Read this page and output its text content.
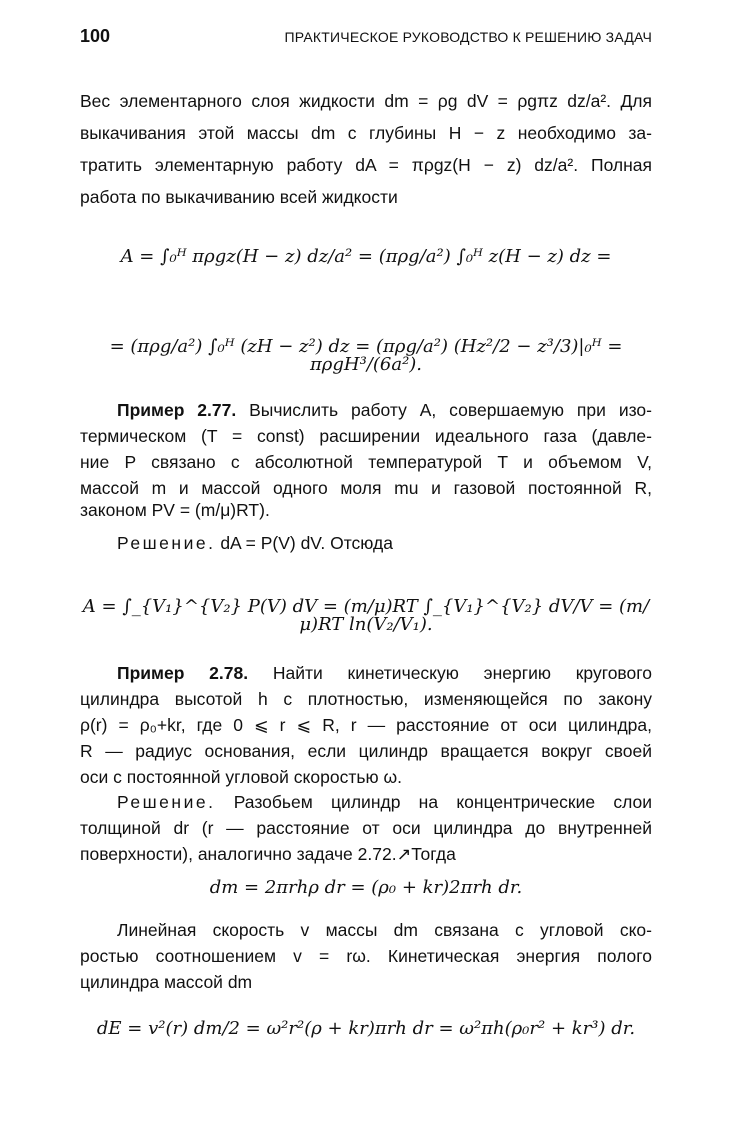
100	ПРАКТИЧЕСКОЕ РУКОВОДСТВО К РЕШЕНИЮ ЗАДАЧ
Вес элементарного слоя жидкости dm = ρg dV = ρgπz dz/a². Для
выкачивания этой массы dm с глубины H − z необходимо за-
тратить элементарную работу dA = πρgz(H − z) dz/a². Полная
работа по выкачиванию всей жидкости
A = ∫₀ᴴ πρgz(H − z) dz/a² = (πρg/a²) ∫₀ᴴ z(H − z) dz =
= (πρg/a²) ∫₀ᴴ (zH − z²) dz = (πρg/a²) (Hz²/2 − z³/3)|₀ᴴ = πρgH³/(6a²).
Пример 2.77. Вычислить работу A, совершаемую при изо-
термическом (T = const) расширении идеального газа (давле-
ние P связано с абсолютной температурой T и объемом V,
массой m и массой одного моля mu и газовой постоянной R,
законом PV = (m/μ)RT).
Решение. dA = P(V) dV. Отсюда
A = ∫_{V₁}^{V₂} P(V) dV = (m/μ)RT ∫_{V₁}^{V₂} dV/V = (m/μ)RT ln(V₂/V₁).
Пример 2.78. Найти кинетическую энергию кругового
цилиндра высотой h с плотностью, изменяющейся по закону
ρ(r) = ρ₀+kr, где 0 ⩽ r ⩽ R, r — расстояние от оси цилиндра,
R — радиус основания, если цилиндр вращается вокруг своей
оси с постоянной угловой скоростью ω.
Решение. Разобьем цилиндр на концентрические слои
толщиной dr (r — расстояние от оси цилиндра до внутренней
поверхности), аналогично задаче 2.72.↗Тогда
dm = 2πrhρ dr = (ρ₀ + kr)2πrh dr.
Линейная скорость v массы dm связана с угловой ско-
ростью соотношением v = rω. Кинетическая энергия полого
цилиндра массой dm
dE = v²(r) dm/2 = ω²r²(ρ + kr)πrh dr = ω²πh(ρ₀r² + kr³) dr.
